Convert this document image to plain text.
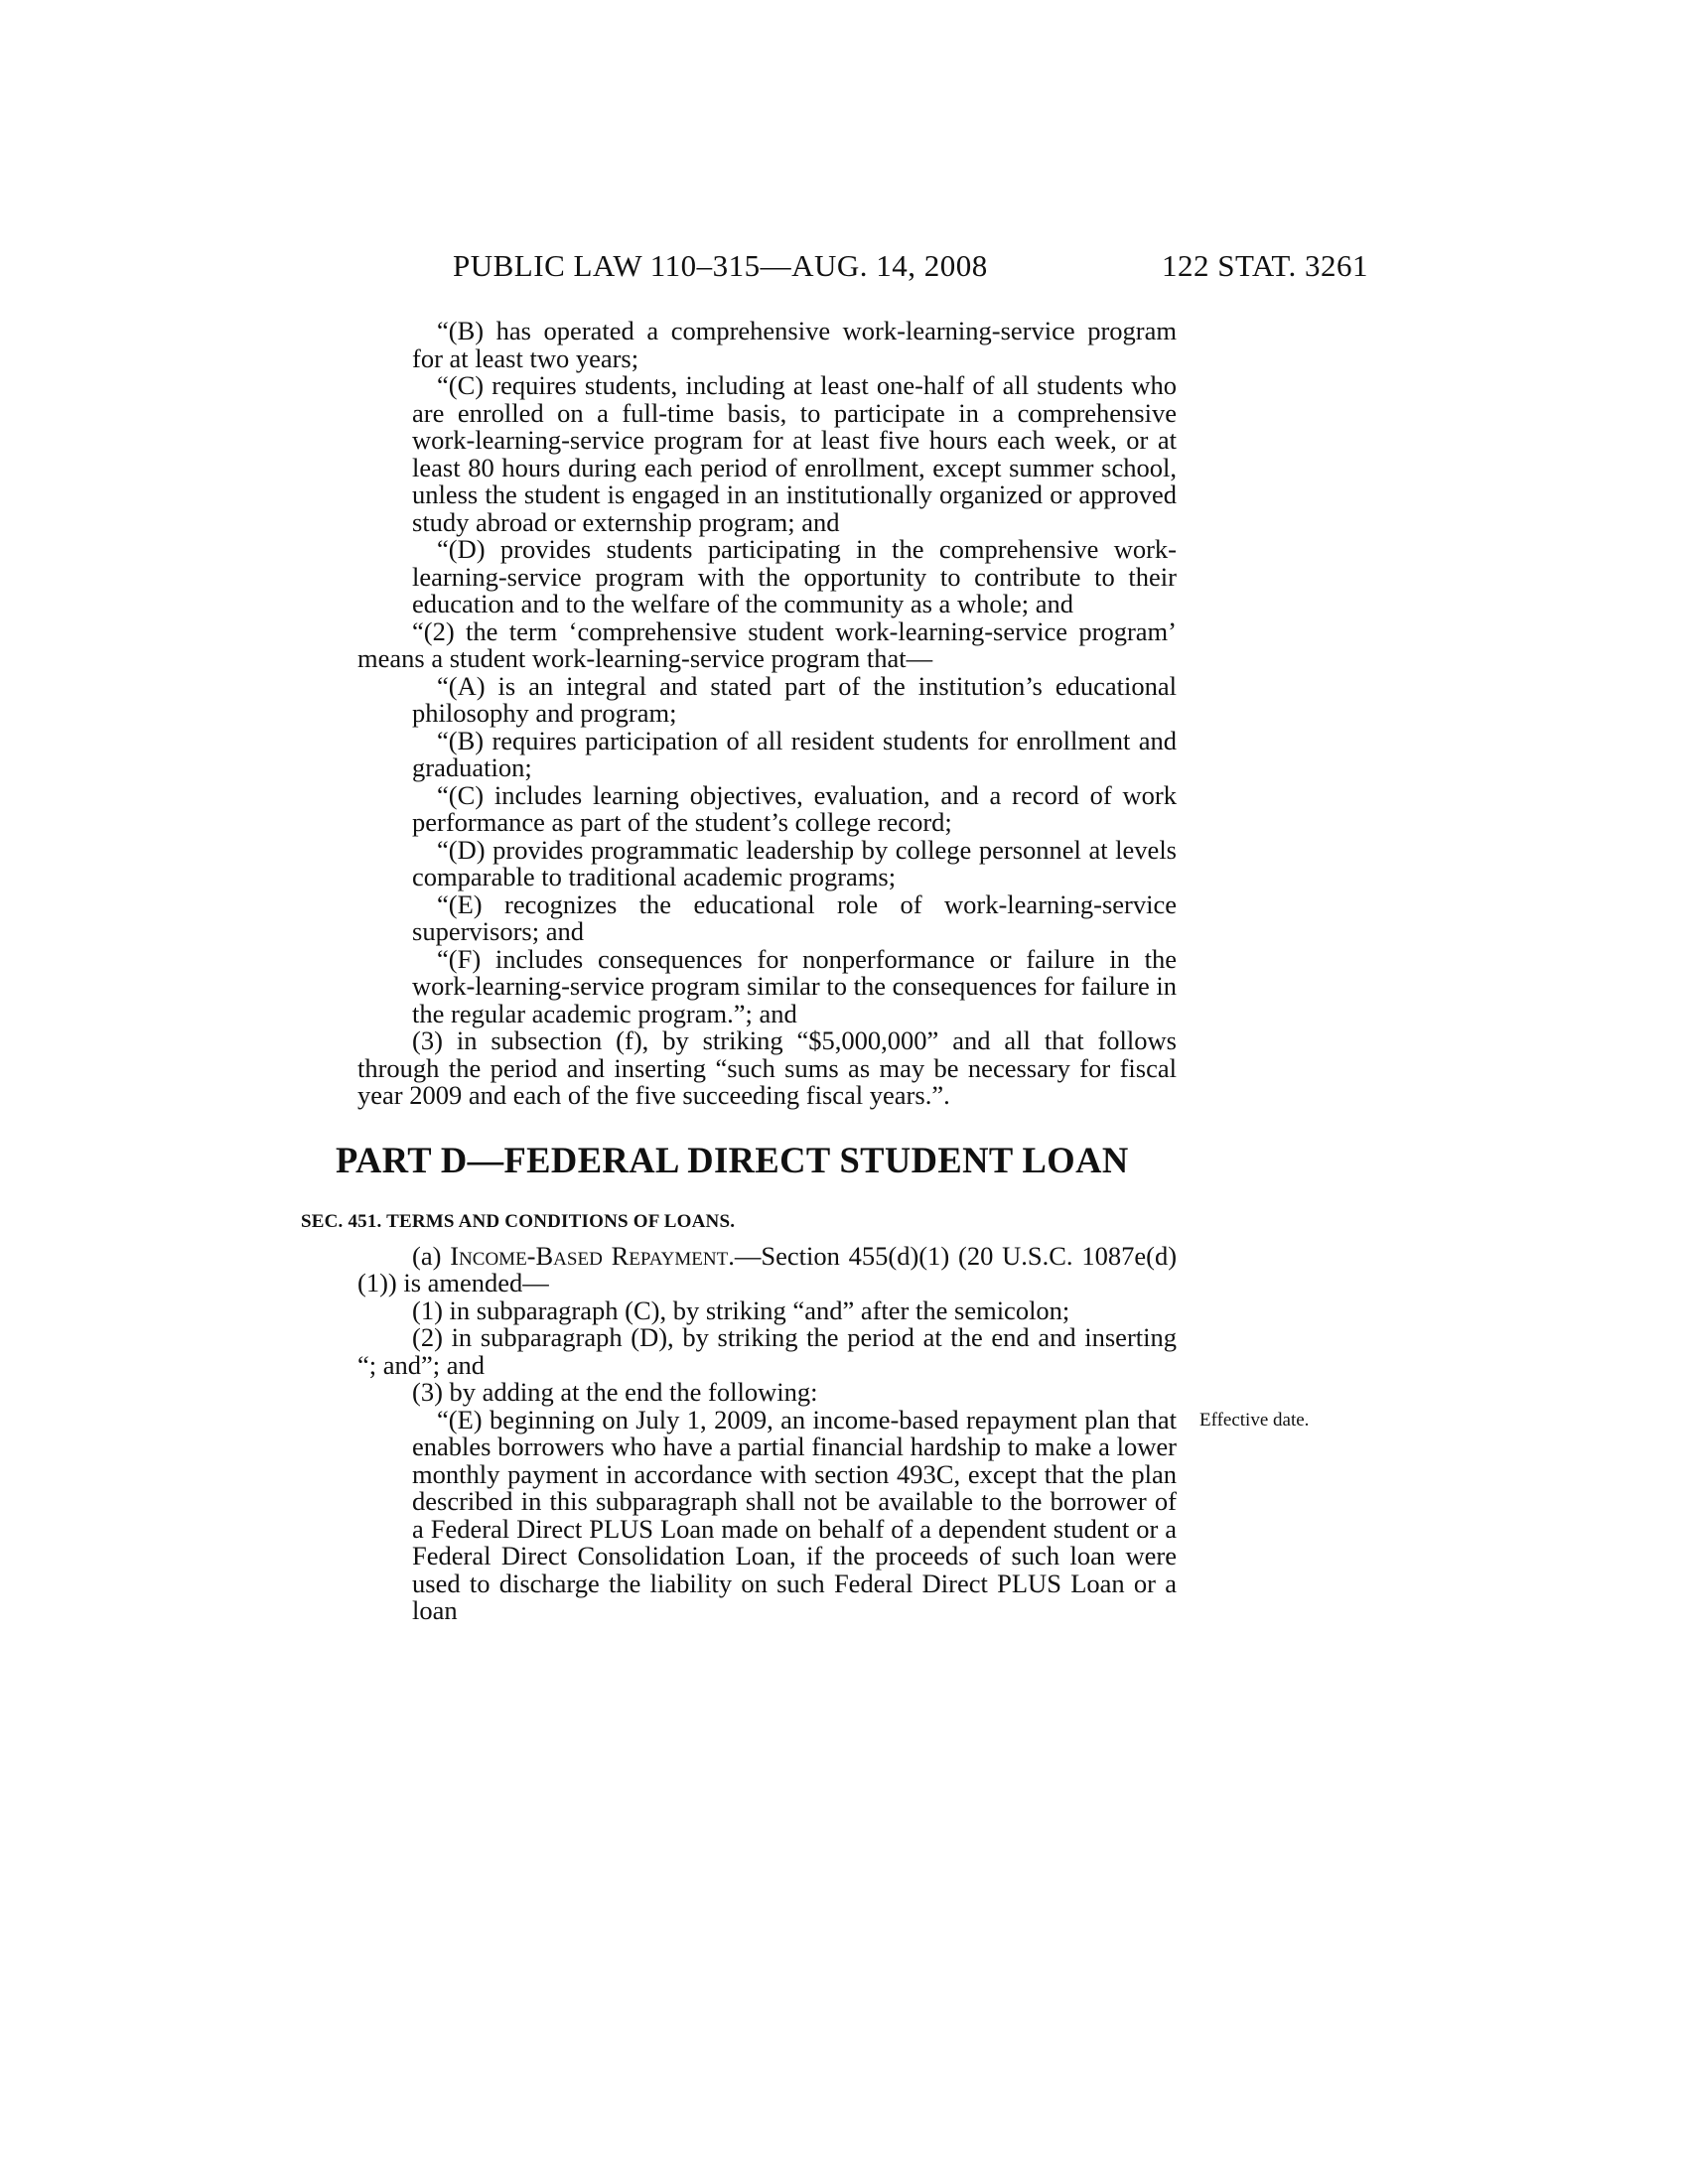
PUBLIC LAW 110–315—AUG. 14, 2008	122 STAT. 3261

“(B) has operated a comprehensive work-learning-service program for at least two years;

“(C) requires students, including at least one-half of all students who are enrolled on a full-time basis, to participate in a comprehensive work-learning-service program for at least five hours each week, or at least 80 hours during each period of enrollment, except summer school, unless the student is engaged in an institutionally organized or approved study abroad or externship program; and

“(D) provides students participating in the comprehensive work-learning-service program with the opportunity to contribute to their education and to the welfare of the community as a whole; and

“(2) the term ‘comprehensive student work-learning-service program’ means a student work-learning-service program that—

“(A) is an integral and stated part of the institution’s educational philosophy and program;

“(B) requires participation of all resident students for enrollment and graduation;

“(C) includes learning objectives, evaluation, and a record of work performance as part of the student’s college record;

“(D) provides programmatic leadership by college personnel at levels comparable to traditional academic programs;

“(E) recognizes the educational role of work-learning-service supervisors; and

“(F) includes consequences for nonperformance or failure in the work-learning-service program similar to the consequences for failure in the regular academic program.”; and

(3) in subsection (f), by striking “$5,000,000” and all that follows through the period and inserting “such sums as may be necessary for fiscal year 2009 and each of the five succeeding fiscal years.”.

PART D—FEDERAL DIRECT STUDENT LOAN
SEC. 451. TERMS AND CONDITIONS OF LOANS.

(a) Income-Based Repayment.—Section 455(d)(1) (20 U.S.C. 1087e(d)(1)) is amended—

(1) in subparagraph (C), by striking “and” after the semicolon;

(2) in subparagraph (D), by striking the period at the end and inserting “; and”; and

(3) by adding at the end the following:

“(E) beginning on July 1, 2009, an income-based repayment plan that enables borrowers who have a partial financial hardship to make a lower monthly payment in accordance with section 493C, except that the plan described in this subparagraph shall not be available to the borrower of a Federal Direct PLUS Loan made on behalf of a dependent student or a Federal Direct Consolidation Loan, if the proceeds of such loan were used to discharge the liability on such Federal Direct PLUS Loan or a loan

Effective date.
